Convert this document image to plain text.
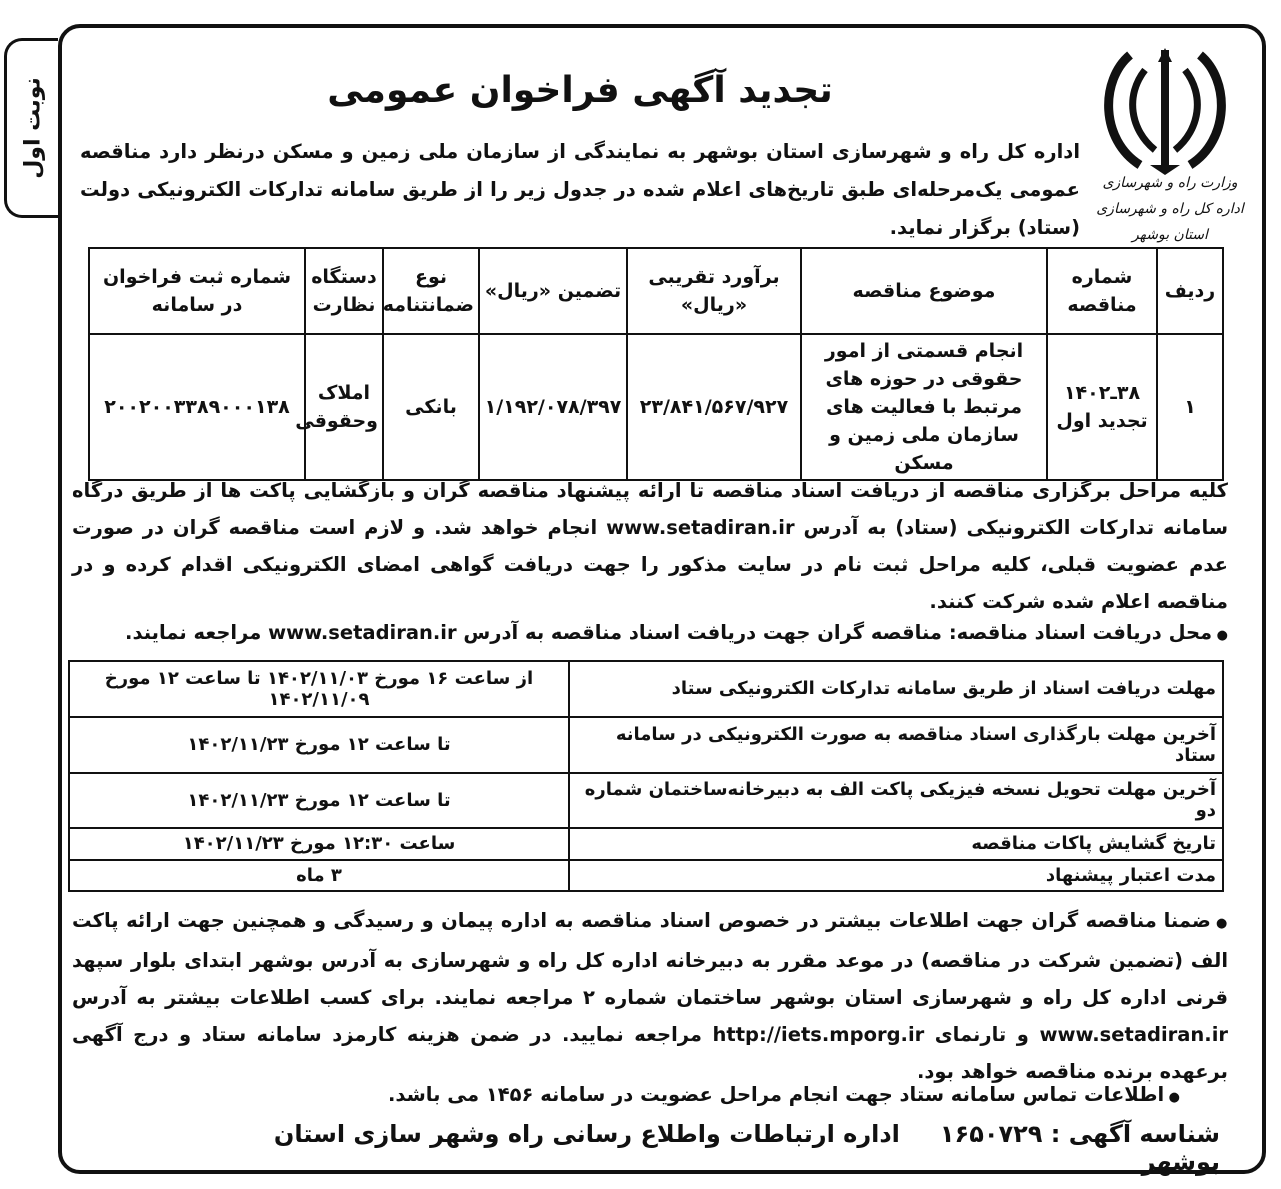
نوبت اول
وزارت راه و شهرسازی
اداره کل راه و شهرسازی استان بوشهر
تجدید آگهی فراخوان عمومی
اداره کل راه و شهرسازی استان بوشهر به نمایندگی از سازمان ملی زمین و مسکن درنظر دارد مناقصه عمومی یک‌مرحله‌ای طبق تاریخ‌های اعلام شده در جدول زیر را از طریق سامانه تدارکات الکترونیکی دولت (ستاد) برگزار نماید.
ردیف	شماره مناقصه	موضوع مناقصه	برآورد تقریبی «ریال»	تضمین «ریال»	نوع ضمانتنامه	دستگاه نظارت	شماره ثبت فراخوان در سامانه
۱	۳۸ـ۱۴۰۲ تجدید اول	انجام قسمتی از امور حقوقی در حوزه های مرتبط با فعالیت های سازمان ملی زمین و مسکن	۲۳/۸۴۱/۵۶۷/۹۲۷	۱/۱۹۲/۰۷۸/۳۹۷	بانکی	املاک وحقوقی	۲۰۰۲۰۰۳۳۸۹۰۰۰۱۳۸
کلیه مراحل برگزاری مناقصه از دریافت اسناد مناقصه تا ارائه پیشنهاد مناقصه گران و بازگشایی پاکت ها از طریق درگاه سامانه تدارکات الکترونیکی (ستاد) به آدرس www.setadiran.ir انجام خواهد شد. و لازم است مناقصه گران در صورت عدم عضویت قبلی، کلیه مراحل ثبت نام در سایت مذکور را جهت دریافت گواهی امضای الکترونیکی اقدام کرده و در مناقصه اعلام شده شرکت کنند.
● محل دریافت اسناد مناقصه: مناقصه گران جهت دریافت اسناد مناقصه به آدرس www.setadiran.ir مراجعه نمایند.
مهلت دریافت اسناد از طریق سامانه تدارکات الکترونیکی ستاد	از ساعت ۱۶ مورخ ۱۴۰۲/۱۱/۰۳ تا ساعت ۱۲ مورخ ۱۴۰۲/۱۱/۰۹
آخرین مهلت بارگذاری اسناد مناقصه به صورت الکترونیکی در سامانه ستاد	تا ساعت ۱۲ مورخ ۱۴۰۲/۱۱/۲۳
آخرین مهلت تحویل نسخه فیزیکی پاکت الف به دبیرخانه‌ساختمان شماره دو	تا ساعت ۱۲ مورخ ۱۴۰۲/۱۱/۲۳
تاریخ گشایش پاکات مناقصه	ساعت ۱۲:۳۰ مورخ ۱۴۰۲/۱۱/۲۳
مدت اعتبار پیشنهاد	۳ ماه
● ضمنا مناقصه گران جهت اطلاعات بیشتر در خصوص اسناد مناقصه به اداره پیمان و رسیدگی و همچنین جهت ارائه پاکت الف (تضمین شرکت در مناقصه) در موعد مقرر به دبیرخانه اداره کل راه و شهرسازی به آدرس بوشهر ابتدای بلوار سپهد قرنی اداره کل راه و شهرسازی استان بوشهر ساختمان شماره ۲ مراجعه نمایند. برای کسب اطلاعات بیشتر به آدرس www.setadiran.ir و تارنمای http://iets.mporg.ir مراجعه نمایید. در ضمن هزینه کارمزد سامانه ستاد و درج آگهی برعهده برنده مناقصه خواهد بود.
● اطلاعات تماس سامانه ستاد جهت انجام مراحل عضویت در سامانه ۱۴۵۶ می باشد.
شناسه آگهی : ۱۶۵۰۷۲۹اداره ارتباطات واطلاع رسانی راه وشهر سازی استان بوشهر
